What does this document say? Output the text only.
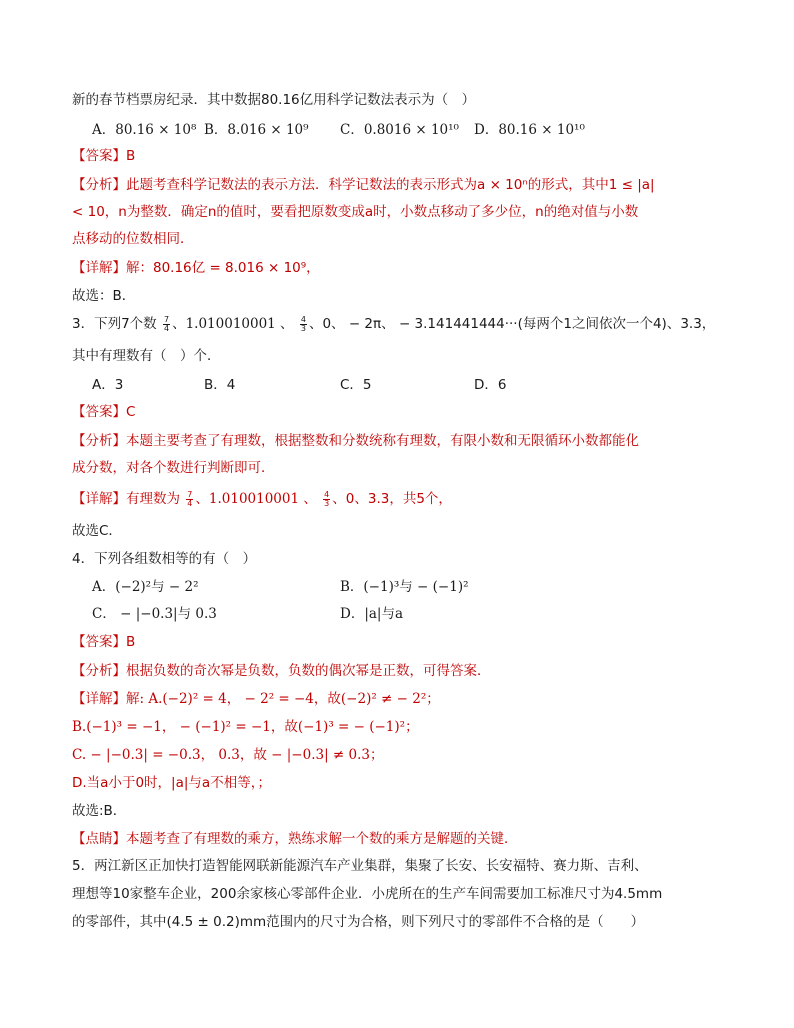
新的春节档票房纪录．其中数据80.16亿用科学记数法表示为（　）
A．80.16 × 10⁸ B．8.016 × 10⁹ C．0.8016 × 10¹⁰ D．80.16 × 10¹⁰
【答案】B
【分析】此题考查科学记数法的表示方法．科学记数法的表示形式为a × 10ⁿ的形式，其中1 ≤ |a|
< 10，n为整数．确定n的值时，要看把原数变成a时，小数点移动了多少位，n的绝对值与小数
点移动的位数相同．
【详解】解：80.16亿 = 8.016 × 10⁹，
故选：B．
3．下列7个数 $\frac{7}{4}$ 、1.010010001 、 $\frac{4}{3}$ 、0、 − 2π、 − 3.141441444···(每两个1之间依次一个4)、3.3，
其中有理数有（　）个．
A．3	B．4	C．5	D．6
【答案】C
【分析】本题主要考查了有理数，根据整数和分数统称有理数，有限小数和无限循环小数都能化
成分数，对各个数进行判断即可．
【详解】有理数为 $\frac{7}{4}$ 、1.010010001 、 $\frac{4}{3}$ 、0、3.3，共5个，
故选C．
4．下列各组数相等的有（　）
A．(−2)²与 − 2²	B．(−1)³与 − (−1)²
C． − |−0.3|与 0.3	D．|a|与a
【答案】B
【分析】根据负数的奇次幂是负数，负数的偶次幂是正数，可得答案．
【详解】解: A.(−2)² = 4， − 2² = −4，故(−2)² ≠ − 2²；
B.(−1)³ = −1， − (−1)² = −1，故(−1)³ = − (−1)²；
C. − |−0.3| = −0.3， 0.3，故 − |−0.3| ≠ 0.3；
D.当a小于0时，|a|与a不相等，；
故选:B．
【点睛】本题考查了有理数的乘方，熟练求解一个数的乘方是解题的关键．
5．两江新区正加快打造智能网联新能源汽车产业集群，集聚了长安、长安福特、赛力斯、吉利、
理想等10家整车企业，200余家核心零部件企业．小虎所在的生产车间需要加工标准尺寸为4.5mm
的零部件，其中(4.5 ± 0.2)mm范围内的尺寸为合格，则下列尺寸的零部件不合格的是（　　）
